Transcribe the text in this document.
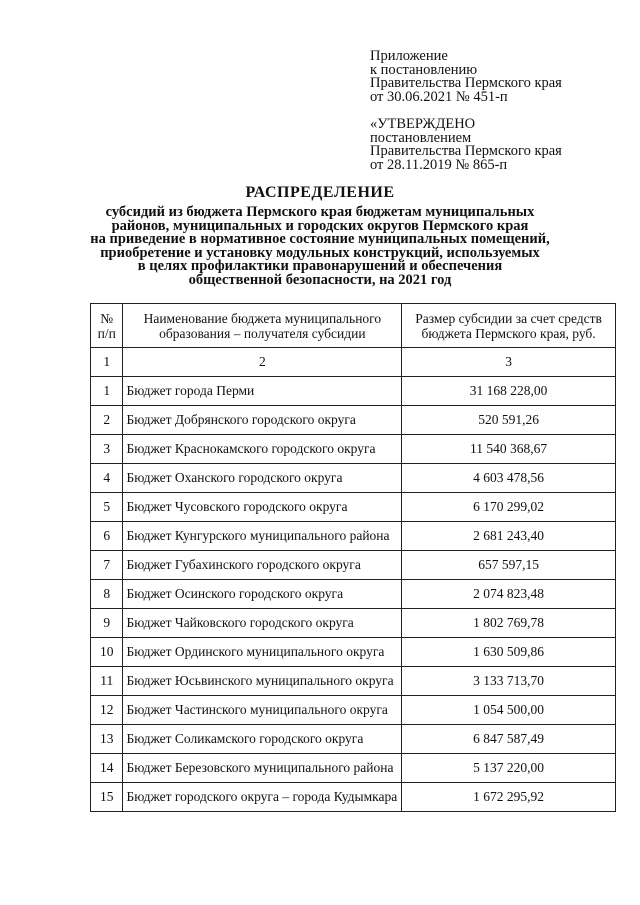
Приложение
к постановлению
Правительства Пермского края
от 30.06.2021 № 451-п
«УТВЕРЖДЕНО
постановлением
Правительства Пермского края
от 28.11.2019 № 865-п
РАСПРЕДЕЛЕНИЕ
субсидий из бюджета Пермского края бюджетам муниципальных
районов, муниципальных и городских округов Пермского края
на приведение в нормативное состояние муниципальных помещений,
приобретение и установку модульных конструкций, используемых
в целях профилактики правонарушений и обеспечения
общественной безопасности, на 2021 год
№ п/п	Наименование бюджета муниципального образования – получателя субсидии	Размер субсидии за счет средств бюджета Пермского края, руб.
1	2	3
1	Бюджет города Перми	31 168 228,00
2	Бюджет Добрянского городского округа	520 591,26
3	Бюджет Краснокамского городского округа	11 540 368,67
4	Бюджет Оханского городского округа	4 603 478,56
5	Бюджет Чусовского городского округа	6 170 299,02
6	Бюджет Кунгурского муниципального района	2 681 243,40
7	Бюджет Губахинского городского округа	657 597,15
8	Бюджет Осинского городского округа	2 074 823,48
9	Бюджет Чайковского городского округа	1 802 769,78
10	Бюджет Ординского муниципального округа	1 630 509,86
11	Бюджет Юсьвинского муниципального округа	3 133 713,70
12	Бюджет Частинского муниципального округа	1 054 500,00
13	Бюджет Соликамского городского округа	6 847 587,49
14	Бюджет Березовского муниципального района	5 137 220,00
15	Бюджет городского округа – города Кудымкара	1 672 295,92
